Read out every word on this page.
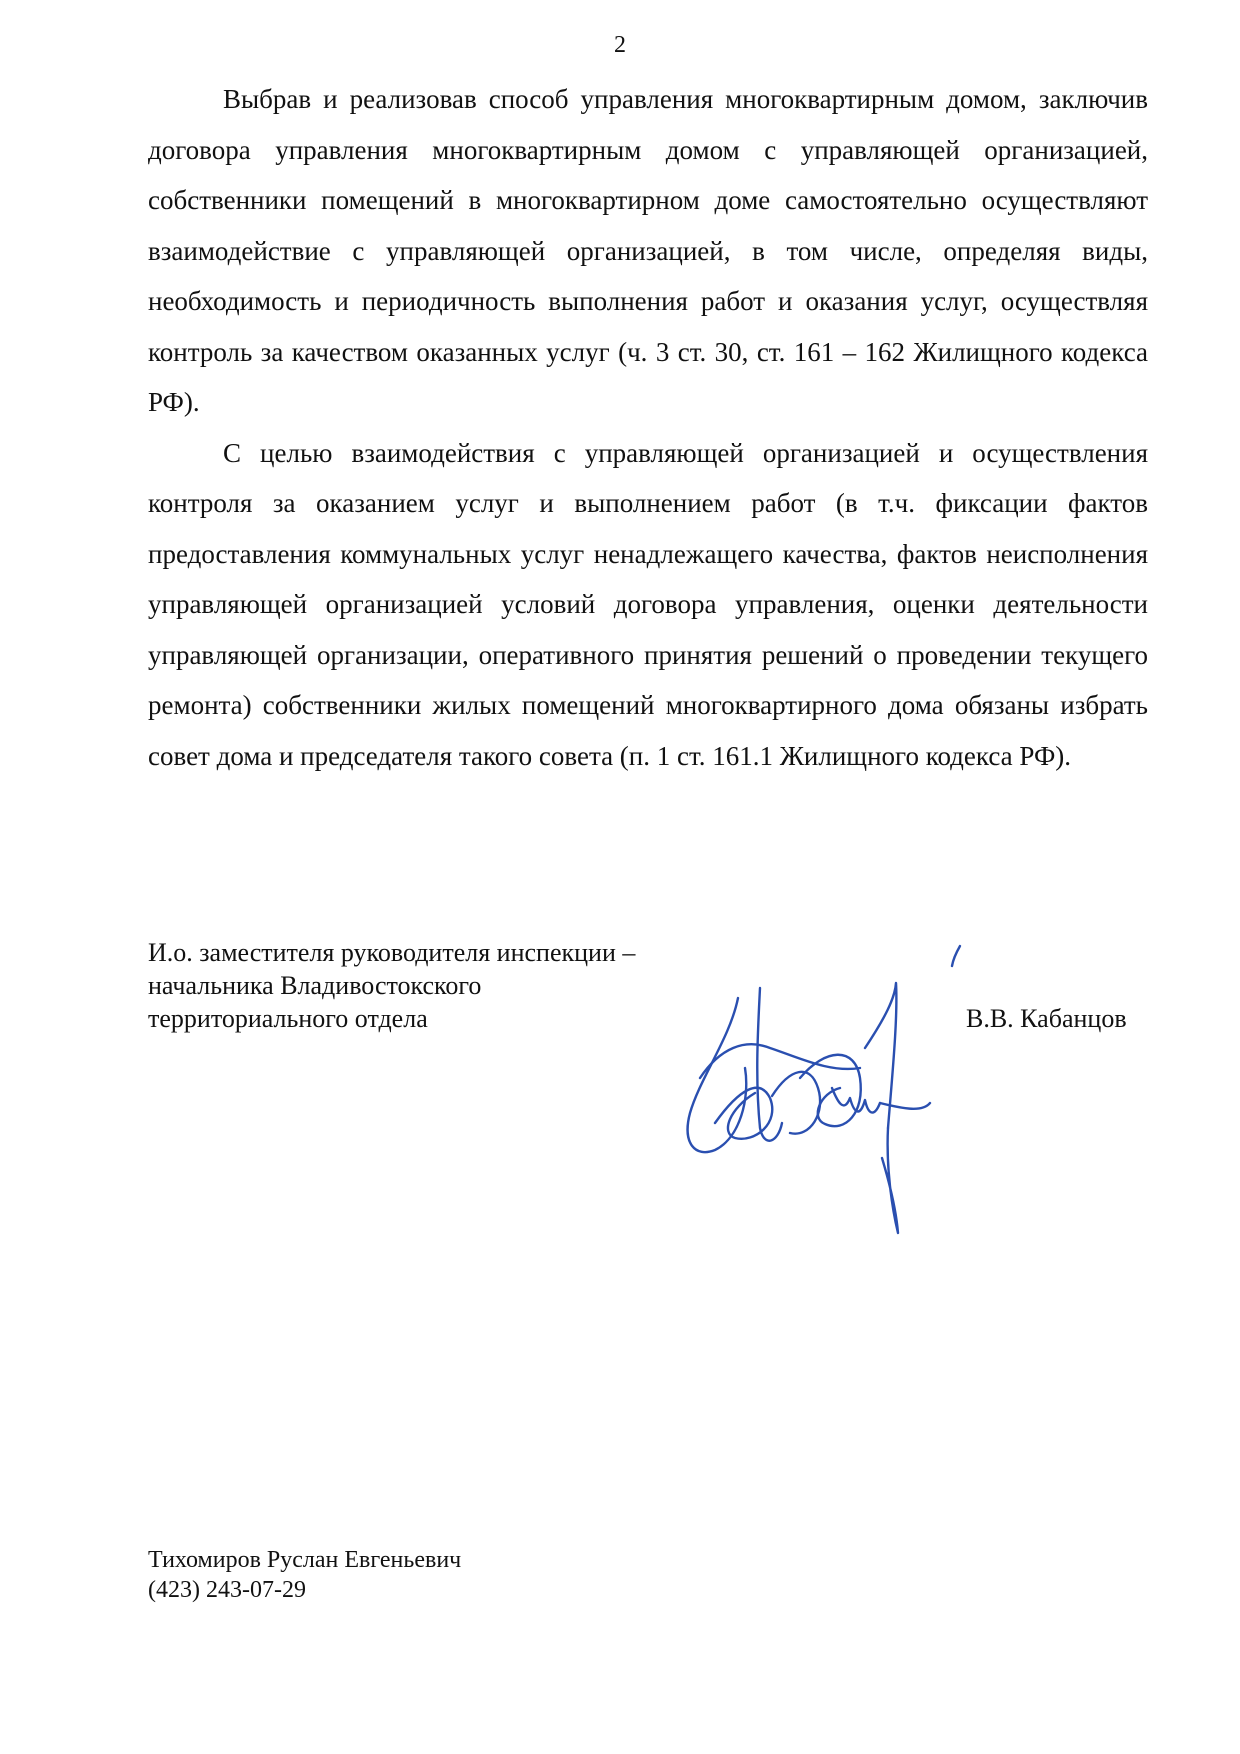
2

Выбрав и реализовав способ управления многоквартирным домом, заключив договора управления многоквартирным домом с управляющей организацией, собственники помещений в многоквартирном доме самостоятельно осуществляют взаимодействие с управляющей организацией, в том числе, определяя виды, необходимость и периодичность выполнения работ и оказания услуг, осуществляя контроль за качеством оказанных услуг (ч. 3 ст. 30, ст. 161 – 162 Жилищного кодекса РФ).

С целью взаимодействия с управляющей организацией и осуществления контроля за оказанием услуг и выполнением работ (в т.ч. фиксации фактов предоставления коммунальных услуг ненадлежащего качества, фактов неисполнения управляющей организацией условий договора управления, оценки деятельности управляющей организации, оперативного принятия решений о проведении текущего ремонта) собственники жилых помещений многоквартирного дома обязаны избрать совет дома и председателя такого совета (п. 1 ст. 161.1 Жилищного кодекса РФ).

И.о. заместителя руководителя инспекции –
начальника Владивостокского
территориального отдела	В.В. Кабанцов
Тихомиров Руслан Евгеньевич
(423) 243-07-29
